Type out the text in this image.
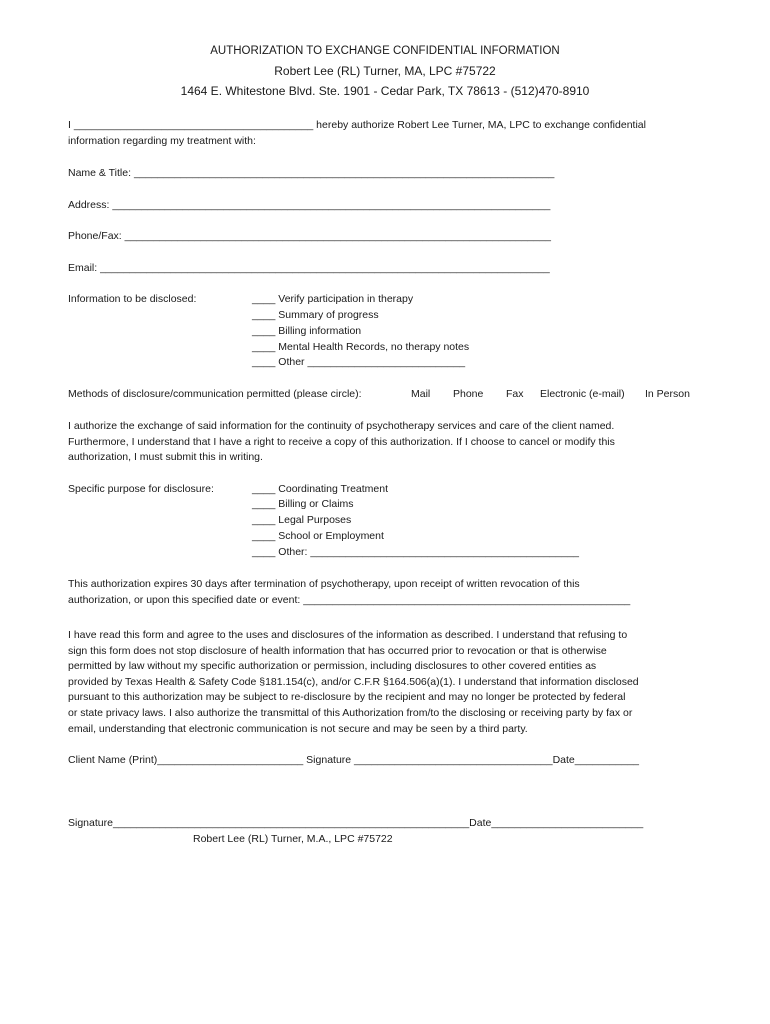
AUTHORIZATION TO EXCHANGE CONFIDENTIAL INFORMATION
Robert Lee (RL) Turner, MA, LPC #75722
1464 E. Whitestone Blvd. Ste. 1901 - Cedar Park, TX 78613 - (512)470-8910
I _________________________________________ hereby authorize Robert Lee Turner, MA, LPC to exchange confidential
information regarding my treatment with:
Name & Title: ________________________________________________________________________
Address: ___________________________________________________________________________
Phone/Fax: _________________________________________________________________________
Email: _____________________________________________________________________________
Information to be disclosed:	____ Verify participation in therapy
____ Summary of progress
____ Billing information
____ Mental Health Records, no therapy notes
____ Other ___________________________
Methods of disclosure/communication permitted (please circle):	Mail Phone Fax Electronic (e-mail) In Person
I authorize the exchange of said information for the continuity of psychotherapy services and care of the client named.
Furthermore, I understand that I have a right to receive a copy of this authorization. If I choose to cancel or modify this
authorization, I must submit this in writing.
Specific purpose for disclosure:	____ Coordinating Treatment
____ Billing or Claims
____ Legal Purposes
____ School or Employment
____ Other: ______________________________________________
This authorization expires 30 days after termination of psychotherapy, upon receipt of written revocation of this
authorization, or upon this specified date or event: ________________________________________________________
I have read this form and agree to the uses and disclosures of the information as described. I understand that refusing to
sign this form does not stop disclosure of health information that has occurred prior to revocation or that is otherwise
permitted by law without my specific authorization or permission, including disclosures to other covered entities as
provided by Texas Health & Safety Code §181.154(c), and/or C.F.R §164.506(a)(1). I understand that information disclosed
pursuant to this authorization may be subject to re-disclosure by the recipient and may no longer be protected by federal
or state privacy laws. I also authorize the transmittal of this Authorization from/to the disclosing or receiving party by fax or
email, understanding that electronic communication is not secure and may be seen by a third party.
Client Name (Print)_________________________ Signature __________________________________Date___________
Signature_____________________________________________________________Date__________________________
Robert Lee (RL) Turner, M.A., LPC #75722
